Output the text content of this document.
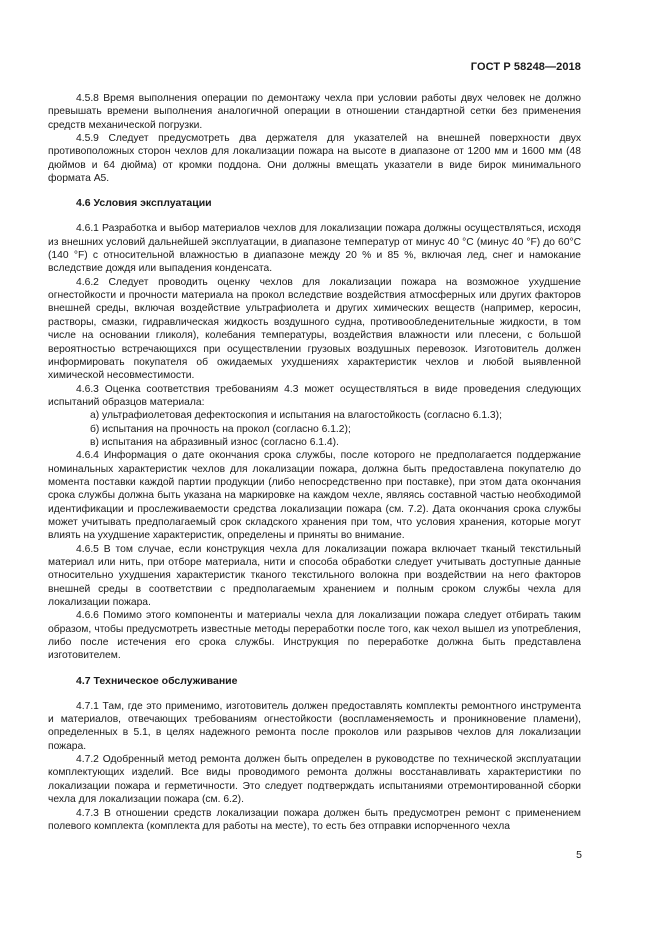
ГОСТ Р 58248—2018

4.5.8 Время выполнения операции по демонтажу чехла при условии работы двух человек не должно превышать времени выполнения аналогичной операции в отношении стандартной сетки без применения средств механической погрузки.

4.5.9 Следует предусмотреть два держателя для указателей на внешней поверхности двух противоположных сторон чехлов для локализации пожара на высоте в диапазоне от 1200 мм и 1600 мм (48 дюймов и 64 дюйма) от кромки поддона. Они должны вмещать указатели в виде бирок минимального формата А5.

4.6 Условия эксплуатации

4.6.1 Разработка и выбор материалов чехлов для локализации пожара должны осуществляться, исходя из внешних условий дальнейшей эксплуатации, в диапазоне температур от минус 40 °С (минус 40 °F) до 60°С (140 °F) с относительной влажностью в диапазоне между 20 % и 85 %, включая лед, снег и намокание вследствие дождя или выпадения конденсата.

4.6.2 Следует проводить оценку чехлов для локализации пожара на возможное ухудшение огнестойкости и прочности материала на прокол вследствие воздействия атмосферных или других факторов внешней среды, включая воздействие ультрафиолета и других химических веществ (например, керосин, растворы, смазки, гидравлическая жидкость воздушного судна, противообледенительные жидкости, в том числе на основании гликоля), колебания температуры, воздействия влажности или плесени, с большой вероятностью встречающихся при осуществлении грузовых воздушных перевозок. Изготовитель должен информировать покупателя об ожидаемых ухудшениях характеристик чехлов и любой выявленной химической несовместимости.

4.6.3 Оценка соответствия требованиям 4.3 может осуществляться в виде проведения следующих испытаний образцов материала:

а) ультрафиолетовая дефектоскопия и испытания на влагостойкость (согласно 6.1.3);

б) испытания на прочность на прокол (согласно 6.1.2);

в) испытания на абразивный износ (согласно 6.1.4).

4.6.4 Информация о дате окончания срока службы, после которого не предполагается поддержание номинальных характеристик чехлов для локализации пожара, должна быть предоставлена покупателю до момента поставки каждой партии продукции (либо непосредственно при поставке), при этом дата окончания срока службы должна быть указана на маркировке на каждом чехле, являясь составной частью необходимой идентификации и прослеживаемости средства локализации пожара (см. 7.2). Дата окончания срока службы может учитывать предполагаемый срок складского хранения при том, что условия хранения, которые могут влиять на ухудшение характеристик, определены и приняты во внимание.

4.6.5 В том случае, если конструкция чехла для локализации пожара включает тканый текстильный материал или нить, при отборе материала, нити и способа обработки следует учитывать доступные данные относительно ухудшения характеристик тканого текстильного волокна при воздействии на него факторов внешней среды в соответствии с предполагаемым хранением и полным сроком службы чехла для локализации пожара.

4.6.6 Помимо этого компоненты и материалы чехла для локализации пожара следует отбирать таким образом, чтобы предусмотреть известные методы переработки после того, как чехол вышел из употребления, либо после истечения его срока службы. Инструкция по переработке должна быть представлена изготовителем.

4.7 Техническое обслуживание

4.7.1 Там, где это применимо, изготовитель должен предоставлять комплекты ремонтного инструмента и материалов, отвечающих требованиям огнестойкости (воспламеняемость и проникновение пламени), определенных в 5.1, в целях надежного ремонта после проколов или разрывов чехлов для локализации пожара.

4.7.2 Одобренный метод ремонта должен быть определен в руководстве по технической эксплуатации комплектующих изделий. Все виды проводимого ремонта должны восстанавливать характеристики по локализации пожара и герметичности. Это следует подтверждать испытаниями отремонтированной сборки чехла для локализации пожара (см. 6.2).

4.7.3 В отношении средств локализации пожара должен быть предусмотрен ремонт с применением полевого комплекта (комплекта для работы на месте), то есть без отправки испорченного чехла

5
